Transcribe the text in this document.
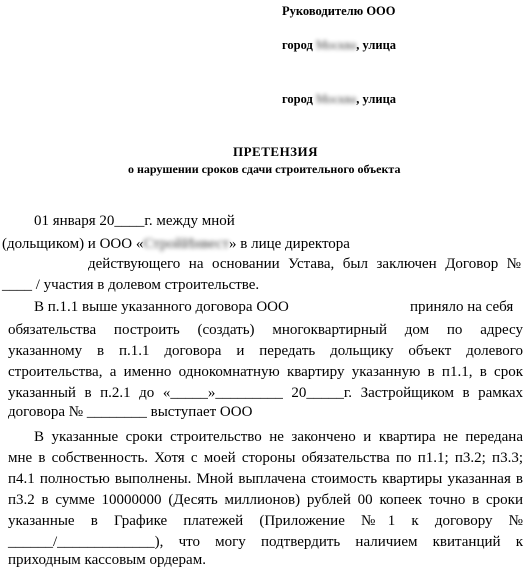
Руководителю ООО
город Москва, улица
город Москва, улица
ПРЕТЕНЗИЯ
о нарушении сроков сдачи строительного объекта
01 января 20____г. между мной
(дольщиком) и ООО «СтройИнвест» в лице директора
действующего на основании Устава, был заключен Договор №
____ / участия в долевом строительстве.
В п.1.1 выше указанного договора ООО	приняло на себя
обязательства построить (создать) многоквартирный дом по адресу
указанному в п.1.1 договора и передать дольщику объект долевого
строительства, а именно однокомнатную квартиру указанную в п1.1, в срок
указанный в п.2.1 до «_____»_________ 20_____г. Застройщиком в рамках
договора № ________ выступает ООО
В указанные сроки строительство не закончено и квартира не передана
мне в собственность. Хотя с моей стороны обязательства по п1.1; п3.2; п3.3;
п4.1 полностью выполнены. Мной выплачена стоимость квартиры указанная в
п3.2 в сумме 10000000 (Десять миллионов) рублей 00 копеек точно в сроки
указанные в Графике платежей (Приложение №1 к договору №
______/_____________), что могу подтвердить наличием квитанций к
приходным кассовым ордерам.
